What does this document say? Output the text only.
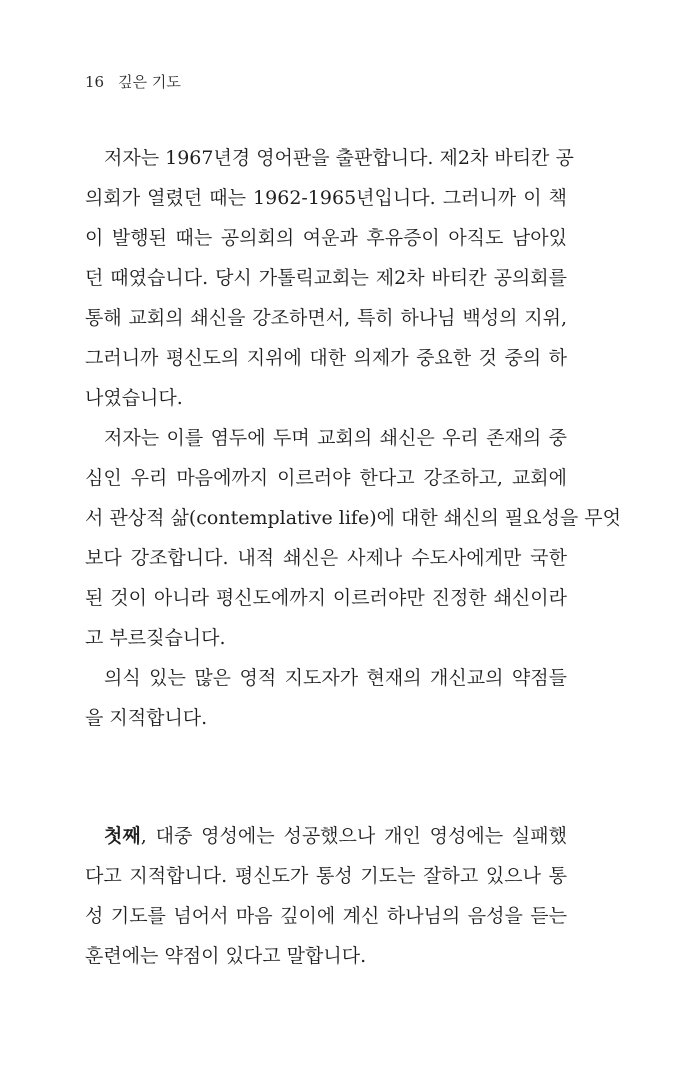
16 깊은 기도

저자는 1967년경 영어판을 출판합니다. 제2차 바티칸 공
의회가 열렸던 때는 1962-1965년입니다. 그러니까 이 책
이 발행된 때는 공의회의 여운과 후유증이 아직도 남아있
던 때였습니다. 당시 가톨릭교회는 제2차 바티칸 공의회를
통해 교회의 쇄신을 강조하면서, 특히 하나님 백성의 지위,
그러니까 평신도의 지위에 대한 의제가 중요한 것 중의 하
나였습니다.

저자는 이를 염두에 두며 교회의 쇄신은 우리 존재의 중
심인 우리 마음에까지 이르러야 한다고 강조하고, 교회에
서 관상적 삶(contemplative life)에 대한 쇄신의 필요성을 무엇
보다 강조합니다. 내적 쇄신은 사제나 수도사에게만 국한
된 것이 아니라 평신도에까지 이르러야만 진정한 쇄신이라
고 부르짖습니다.

의식 있는 많은 영적 지도자가 현재의 개신교의 약점들
을 지적합니다.

첫째, 대중 영성에는 성공했으나 개인 영성에는 실패했
다고 지적합니다. 평신도가 통성 기도는 잘하고 있으나 통
성 기도를 넘어서 마음 깊이에 계신 하나님의 음성을 듣는
훈련에는 약점이 있다고 말합니다.
